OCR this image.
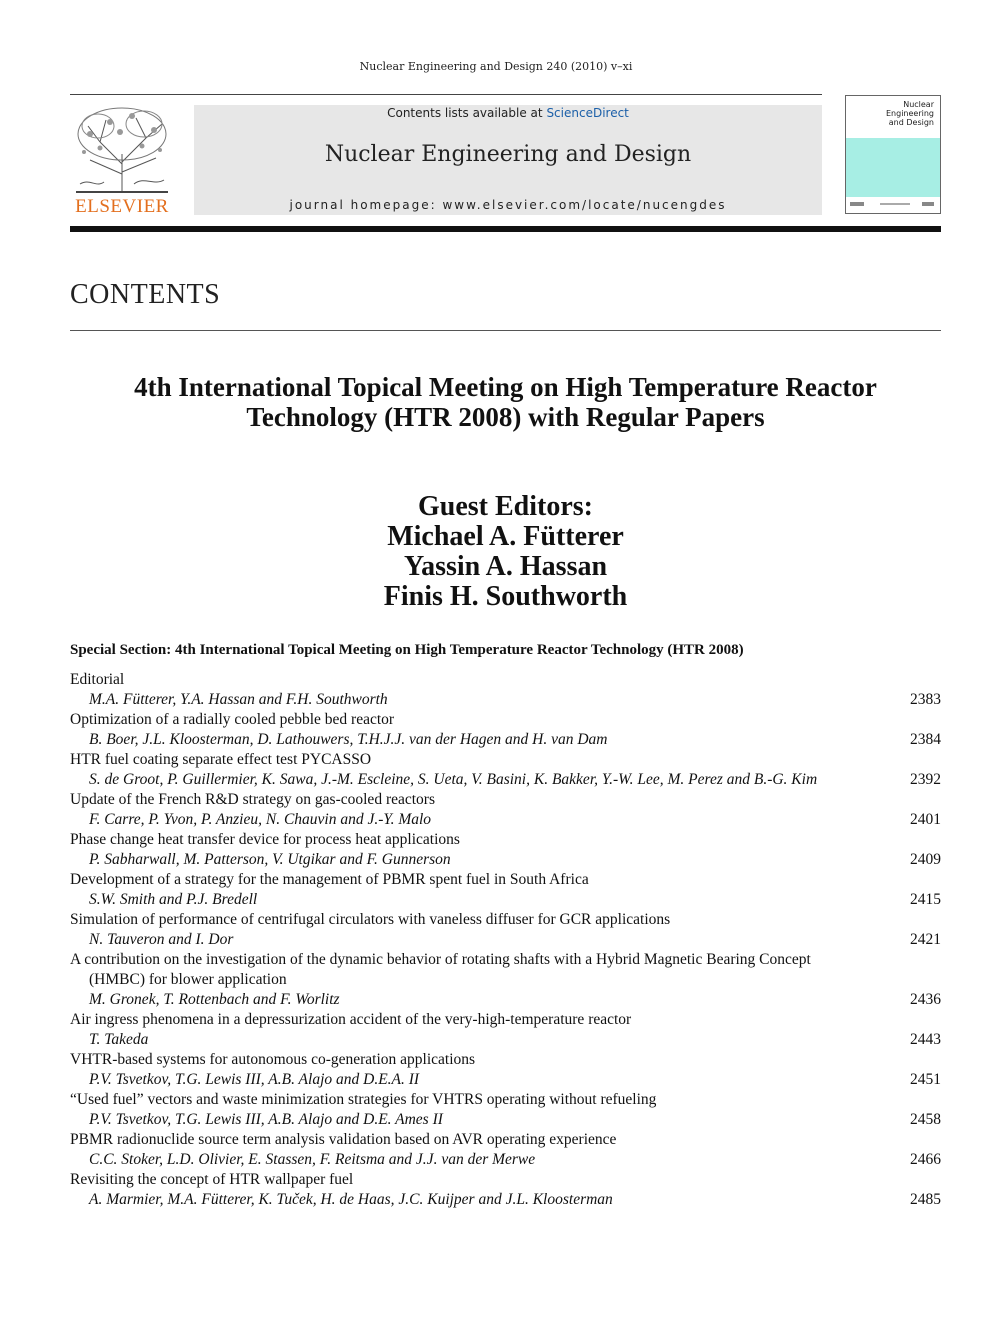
Nuclear Engineering and Design 240 (2010) v–xi
ELSEVIER
Contents lists available at ScienceDirect
Nuclear Engineering and Design
journal homepage: www.elsevier.com/locate/nucengdes
Nuclear Engineering
and Design
CONTENTS
4th International Topical Meeting on High Temperature Reactor
Technology (HTR 2008) with Regular Papers
Guest Editors:
Michael A. Fütterer
Yassin A. Hassan
Finis H. Southworth
Special Section: 4th International Topical Meeting on High Temperature Reactor Technology (HTR 2008)
Editorial
M.A. Fütterer, Y.A. Hassan and F.H. Southworth	2383
Optimization of a radially cooled pebble bed reactor
B. Boer, J.L. Kloosterman, D. Lathouwers, T.H.J.J. van der Hagen and H. van Dam	2384
HTR fuel coating separate effect test PYCASSO
S. de Groot, P. Guillermier, K. Sawa, J.-M. Escleine, S. Ueta, V. Basini, K. Bakker, Y.-W. Lee, M. Perez and B.-G. Kim	2392
Update of the French R&D strategy on gas-cooled reactors
F. Carre, P. Yvon, P. Anzieu, N. Chauvin and J.-Y. Malo	2401
Phase change heat transfer device for process heat applications
P. Sabharwall, M. Patterson, V. Utgikar and F. Gunnerson	2409
Development of a strategy for the management of PBMR spent fuel in South Africa
S.W. Smith and P.J. Bredell	2415
Simulation of performance of centrifugal circulators with vaneless diffuser for GCR applications
N. Tauveron and I. Dor	2421
A contribution on the investigation of the dynamic behavior of rotating shafts with a Hybrid Magnetic Bearing Concept
(HMBC) for blower application
M. Gronek, T. Rottenbach and F. Worlitz	2436
Air ingress phenomena in a depressurization accident of the very-high-temperature reactor
T. Takeda	2443
VHTR-based systems for autonomous co-generation applications
P.V. Tsvetkov, T.G. Lewis III, A.B. Alajo and D.E.A. II	2451
“Used fuel” vectors and waste minimization strategies for VHTRS operating without refueling
P.V. Tsvetkov, T.G. Lewis III, A.B. Alajo and D.E. Ames II	2458
PBMR radionuclide source term analysis validation based on AVR operating experience
C.C. Stoker, L.D. Olivier, E. Stassen, F. Reitsma and J.J. van der Merwe	2466
Revisiting the concept of HTR wallpaper fuel
A. Marmier, M.A. Fütterer, K. Tuček, H. de Haas, J.C. Kuijper and J.L. Kloosterman	2485
